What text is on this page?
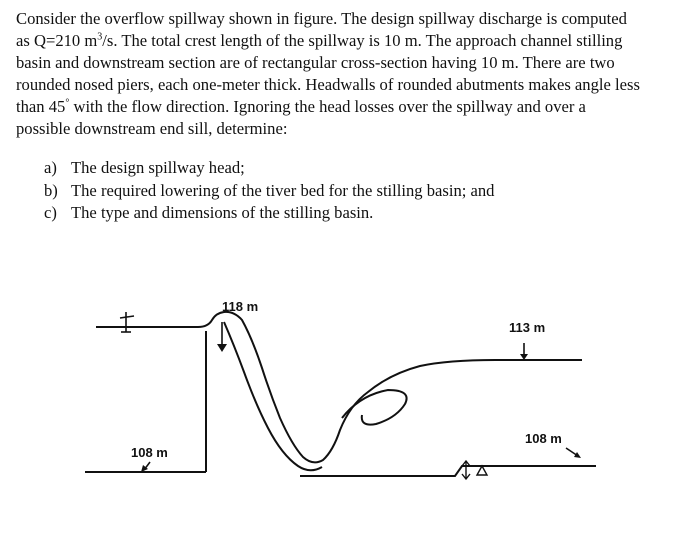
Consider the overflow spillway shown in figure. The design spillway discharge is computed
as Q=210 $m^3/s$. The total crest length of the spillway is 10 m. The approach channel stilling
basin and downstream section are of rectangular cross-section having 10 m. There are two
rounded nosed piers, each one-meter thick. Headwalls of rounded abutments makes angle less
than 45° with the flow direction. Ignoring the head losses over the spillway and over a
possible downstream end sill, determine:
a) The design spillway head;
b) The required lowering of the tiver bed for the stilling basin; and
c) The type and dimensions of the stilling basin.
118 m
113 m
108 m
108 m
